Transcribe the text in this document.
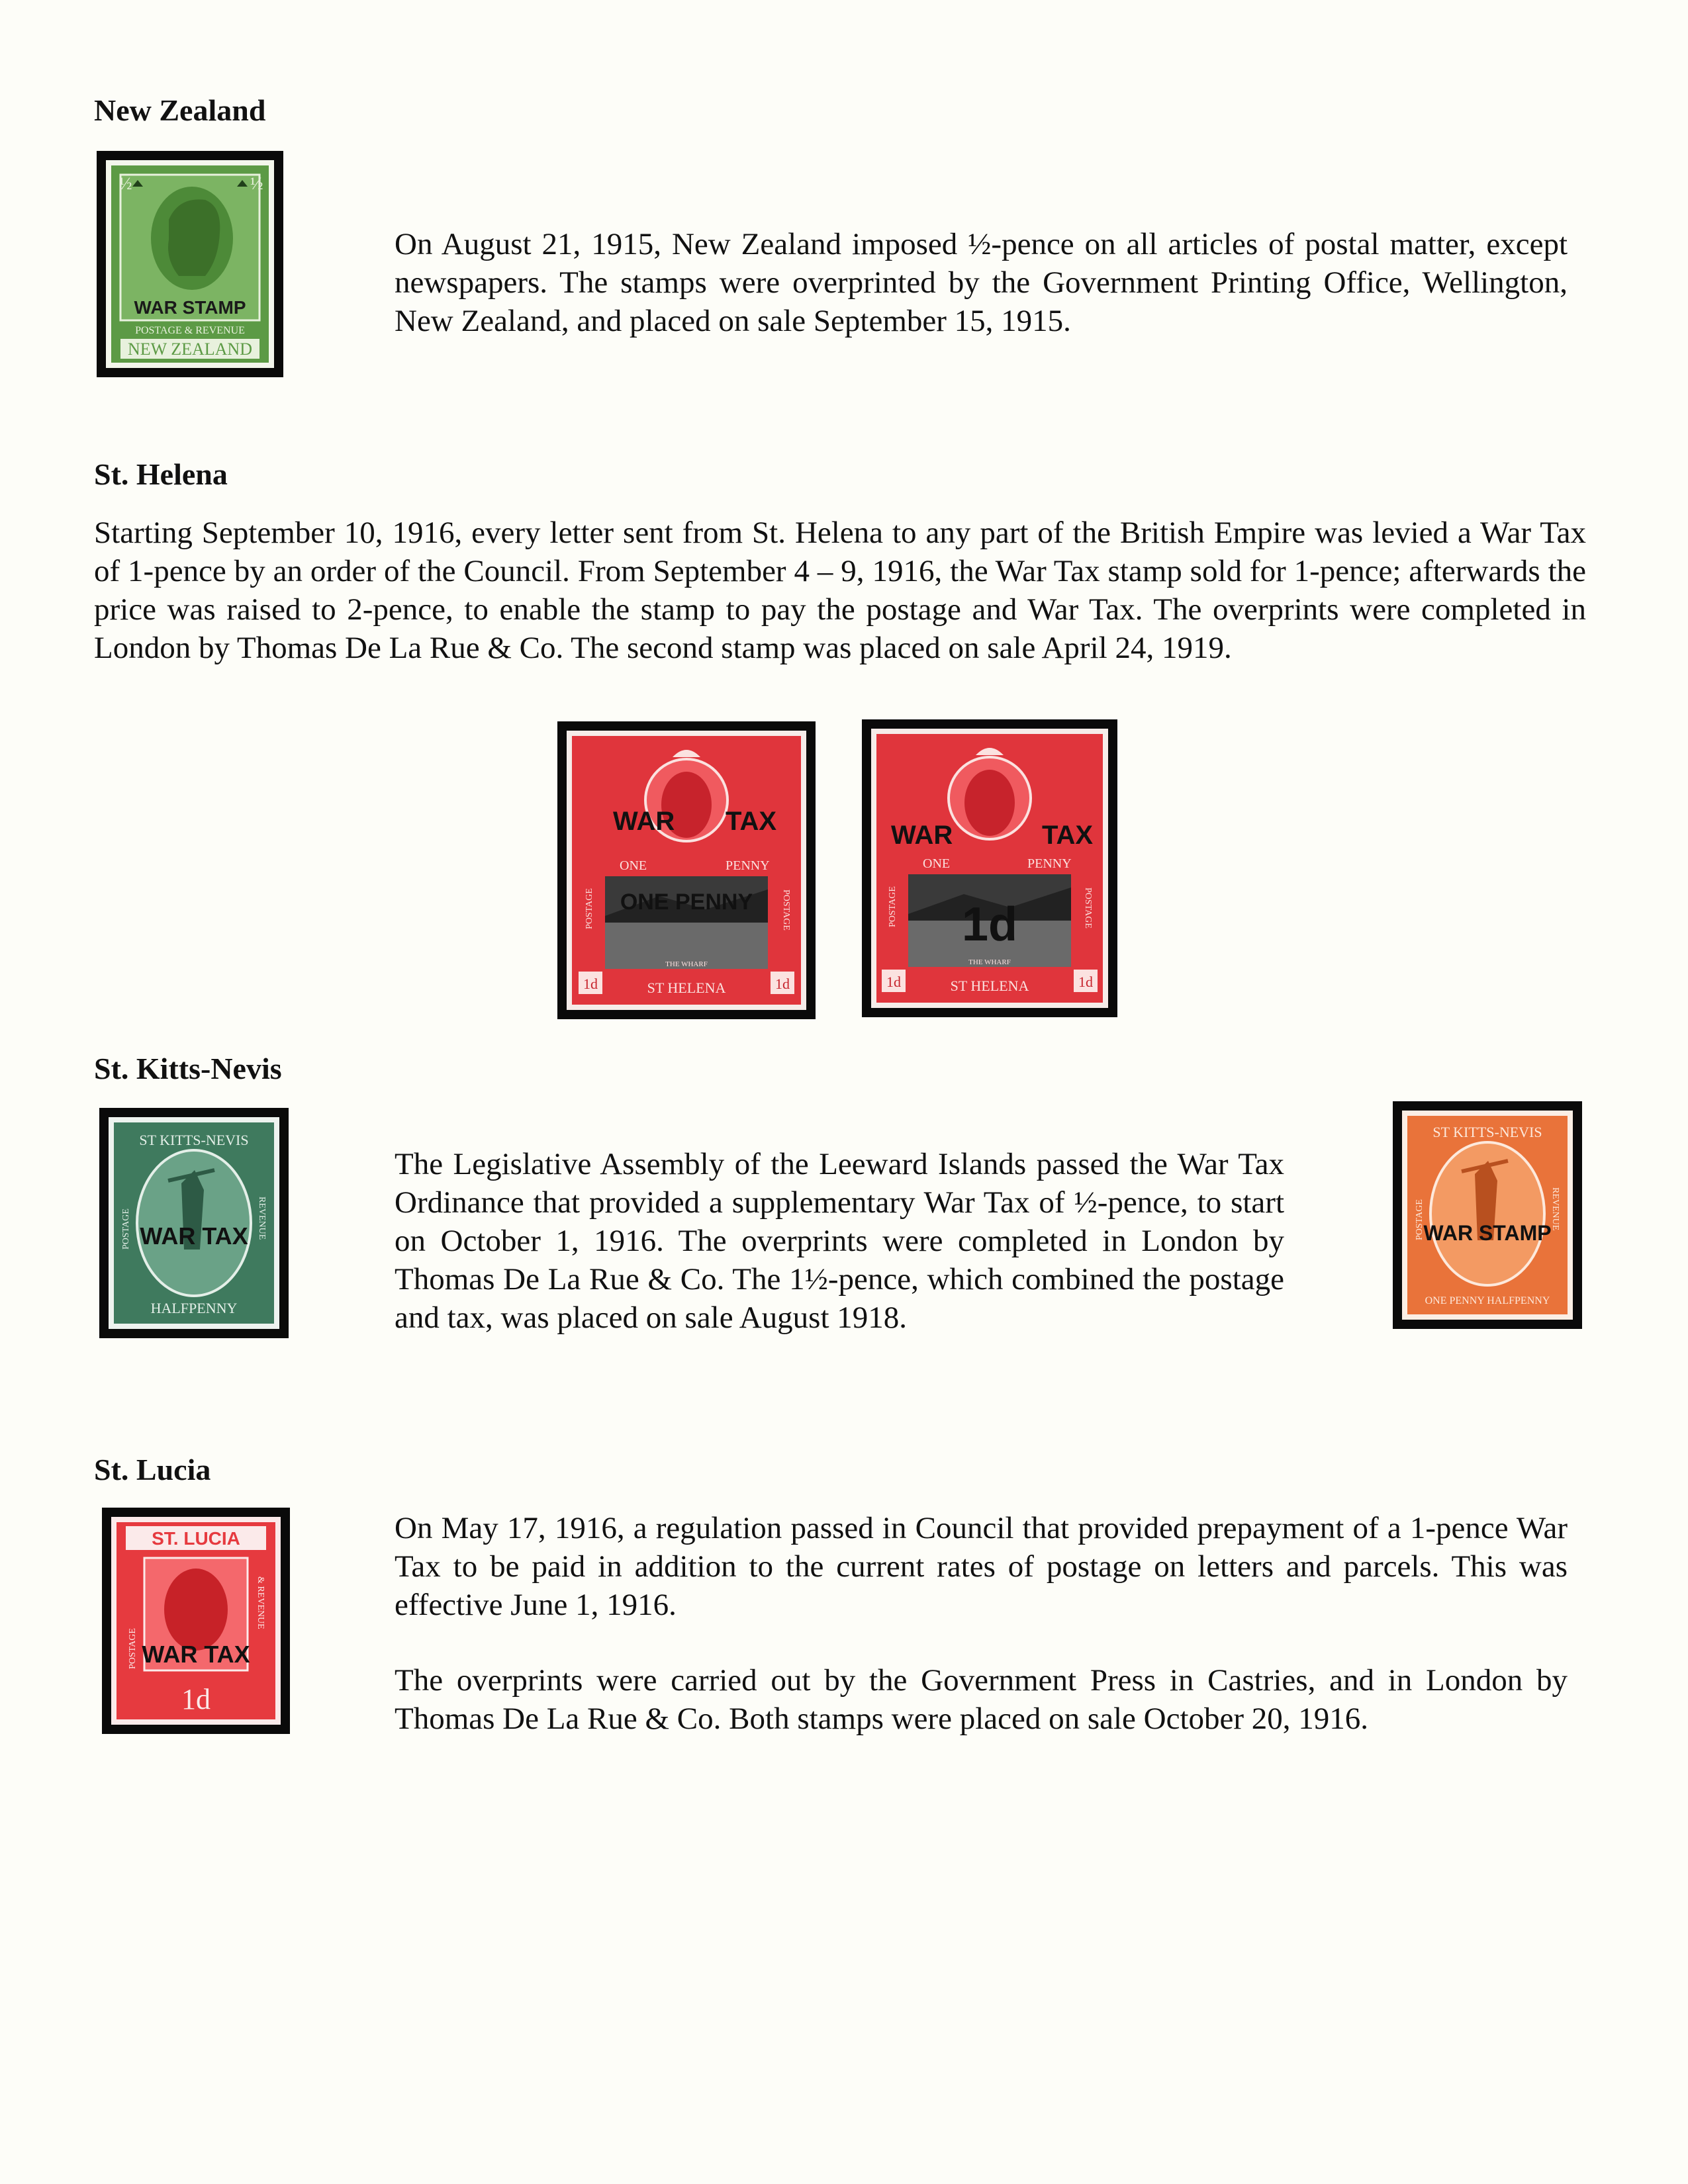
New Zealand
½	½
WAR STAMP
POSTAGE & REVENUE
NEW ZEALAND

On August 21, 1915, New Zealand imposed ½-pence on all articles of postal matter, except newspapers. The stamps were overprinted by the Government Printing Office, Wellington, New Zealand, and placed on sale September 15, 1915.

St. Helena

Starting September 10, 1916, every letter sent from St. Helena to any part of the British Empire was levied a War Tax of 1-pence by an order of the Council. From September 4 – 9, 1916, the War Tax stamp sold for 1-pence; afterwards the price was raised to 2-pence, to enable the stamp to pay the postage and War Tax. The overprints were completed in London by Thomas De La Rue & Co. The second stamp was placed on sale April 24, 1919.

WAR TAX
ONE	PENNY
ONE PENNY
THE WHARF
POSTAGE	POSTAGE
1d	1d
ST HELENA
WAR	TAX
ONE	PENNY
1d
THE WHARF
POSTAGE	POSTAGE
1d	1d
ST HELENA
St. Kitts-Nevis
ST KITTS-NEVIS
HALFPENNY
POSTAGE	REVENUE
WAR TAX

The Legislative Assembly of the Leeward Islands passed the War Tax Ordinance that provided a supplementary War Tax of ½-pence, to start on October 1, 1916. The overprints were completed in London by Thomas De La Rue & Co. The 1½-pence, which combined the postage and tax, was placed on sale August 1918.

ST KITTS-NEVIS
ONE PENNY HALFPENNY
POSTAGE	REVENUE
WAR STAMP
St. Lucia
ST. LUCIA
POSTAGE
& REVENUE
WAR TAX
1d

On May 17, 1916, a regulation passed in Council that provided prepayment of a 1-pence War Tax to be paid in addition to the current rates of postage on letters and parcels. This was effective June 1, 1916.

The overprints were carried out by the Government Press in Castries, and in London by Thomas De La Rue & Co. Both stamps were placed on sale October 20, 1916.
